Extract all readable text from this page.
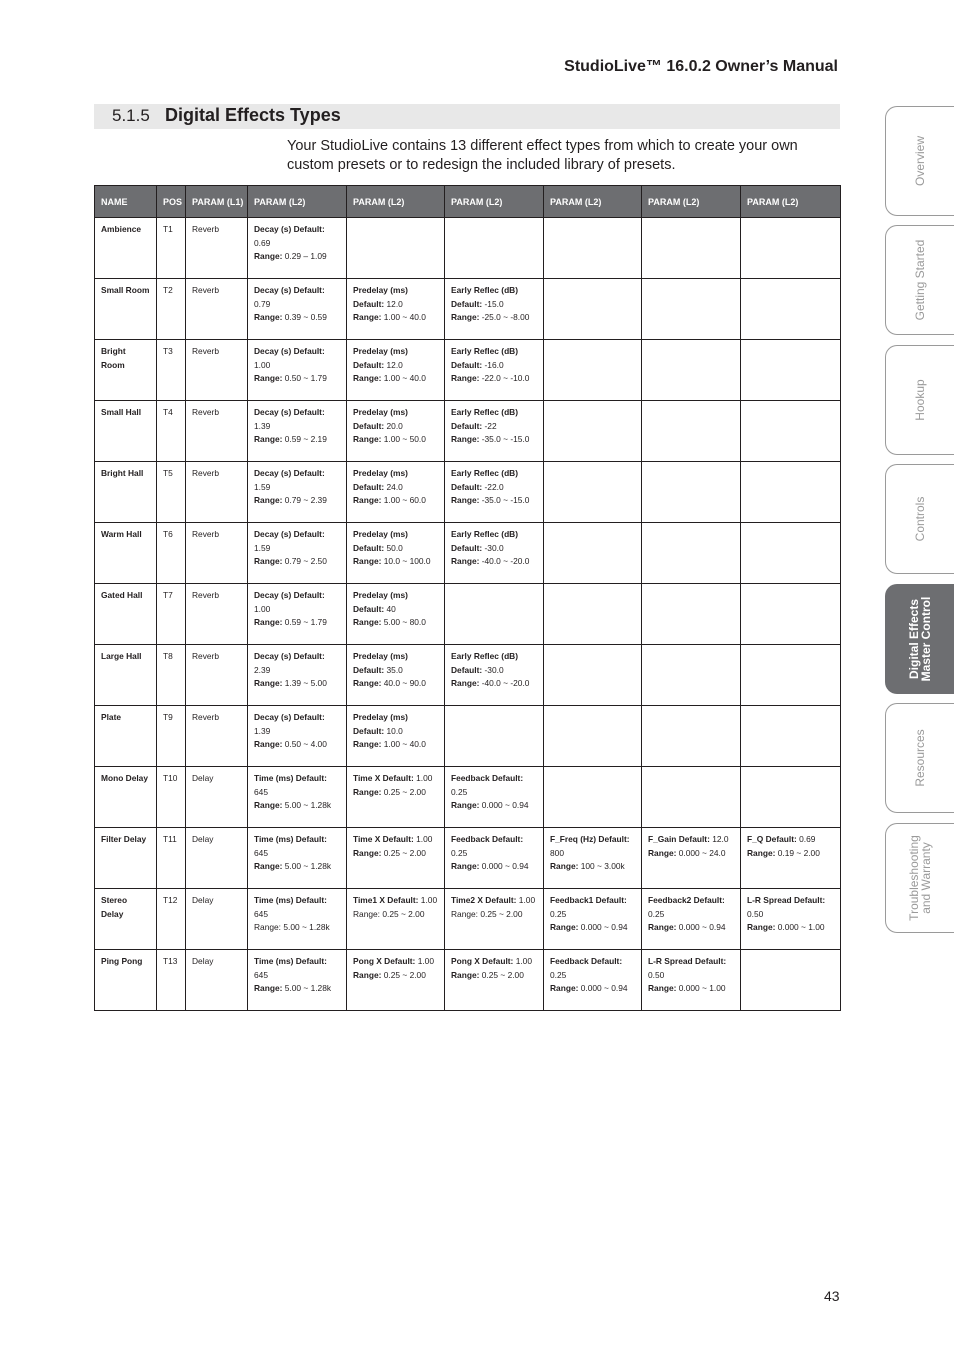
StudioLive™ 16.0.2 Owner’s Manual
5.1.5 Digital Effects Types
Your StudioLive contains 13 different effect types from which to create your own custom presets or to redesign the included library of presets.
NAME	POS	PARAM (L1)	PARAM (L2)	PARAM (L2)	PARAM (L2)	PARAM (L2)	PARAM (L2)	PARAM (L2)
Ambience	T1	Reverb	Decay (s) Default:
0.69
Range: 0.29 – 1.09					
Small Room	T2	Reverb	Decay (s) Default:
0.79
Range: 0.39 ~ 0.59	Predelay (ms)
Default: 12.0
Range: 1.00 ~ 40.0	Early Reflec (dB)
Default: -15.0
Range: -25.0 ~ -8.00			
Bright Room	T3	Reverb	Decay (s) Default:
1.00
Range: 0.50 ~ 1.79	Predelay (ms)
Default: 12.0
Range: 1.00 ~ 40.0	Early Reflec (dB)
Default: -16.0
Range: -22.0 ~ -10.0			
Small Hall	T4	Reverb	Decay (s) Default:
1.39
Range: 0.59 ~ 2.19	Predelay (ms)
Default: 20.0
Range: 1.00 ~ 50.0	Early Reflec (dB)
Default: -22
Range: -35.0 ~ -15.0			
Bright Hall	T5	Reverb	Decay (s) Default:
1.59
Range: 0.79 ~ 2.39	Predelay (ms)
Default: 24.0
Range: 1.00 ~ 60.0	Early Reflec (dB)
Default: -22.0
Range: -35.0 ~ -15.0			
Warm Hall	T6	Reverb	Decay (s) Default:
1.59
Range: 0.79 ~ 2.50	Predelay (ms)
Default: 50.0
Range: 10.0 ~ 100.0	Early Reflec (dB)
Default: -30.0
Range: -40.0 ~ -20.0			
Gated Hall	T7	Reverb	Decay (s) Default:
1.00
Range: 0.59 ~ 1.79	Predelay (ms)
Default: 40
Range: 5.00 ~ 80.0				
Large Hall	T8	Reverb	Decay (s) Default:
2.39
Range: 1.39 ~ 5.00	Predelay (ms)
Default: 35.0
Range: 40.0 ~ 90.0	Early Reflec (dB)
Default: -30.0
Range: -40.0 ~ -20.0			
Plate	T9	Reverb	Decay (s) Default:
1.39
Range: 0.50 ~ 4.00	Predelay (ms)
Default: 10.0
Range: 1.00 ~ 40.0				
Mono Delay	T10	Delay	Time (ms) Default:
645
Range: 5.00 ~ 1.28k	Time X Default: 1.00
Range: 0.25 ~ 2.00	Feedback Default:
0.25
Range: 0.000 ~ 0.94			
Filter Delay	T11	Delay	Time (ms) Default:
645
Range: 5.00 ~ 1.28k	Time X Default: 1.00
Range: 0.25 ~ 2.00	Feedback Default:
0.25
Range: 0.000 ~ 0.94	F_Freq (Hz) Default:
800
Range: 100 ~ 3.00k	F_Gain Default: 12.0
Range: 0.000 ~ 24.0	F_Q Default: 0.69
Range: 0.19 ~ 2.00
Stereo Delay	T12	Delay	Time (ms) Default:
645
Range: 5.00 ~ 1.28k	Time1 X Default: 1.00
Range: 0.25 ~ 2.00	Time2 X Default: 1.00
Range: 0.25 ~ 2.00	Feedback1 Default:
0.25
Range: 0.000 ~ 0.94	Feedback2 Default:
0.25
Range: 0.000 ~ 0.94	L-R Spread Default:
0.50
Range: 0.000 ~ 1.00
Ping Pong	T13	Delay	Time (ms) Default:
645
Range: 5.00 ~ 1.28k	Pong X Default: 1.00
Range: 0.25 ~ 2.00	Pong X Default: 1.00
Range: 0.25 ~ 2.00	Feedback Default:
0.25
Range: 0.000 ~ 0.94	L-R Spread Default:
0.50
Range: 0.000 ~ 1.00	
Overview
Getting Started
Hookup
Controls
Digital Effects
Master Control
Resources
Troubleshooting
and Warranty
43
